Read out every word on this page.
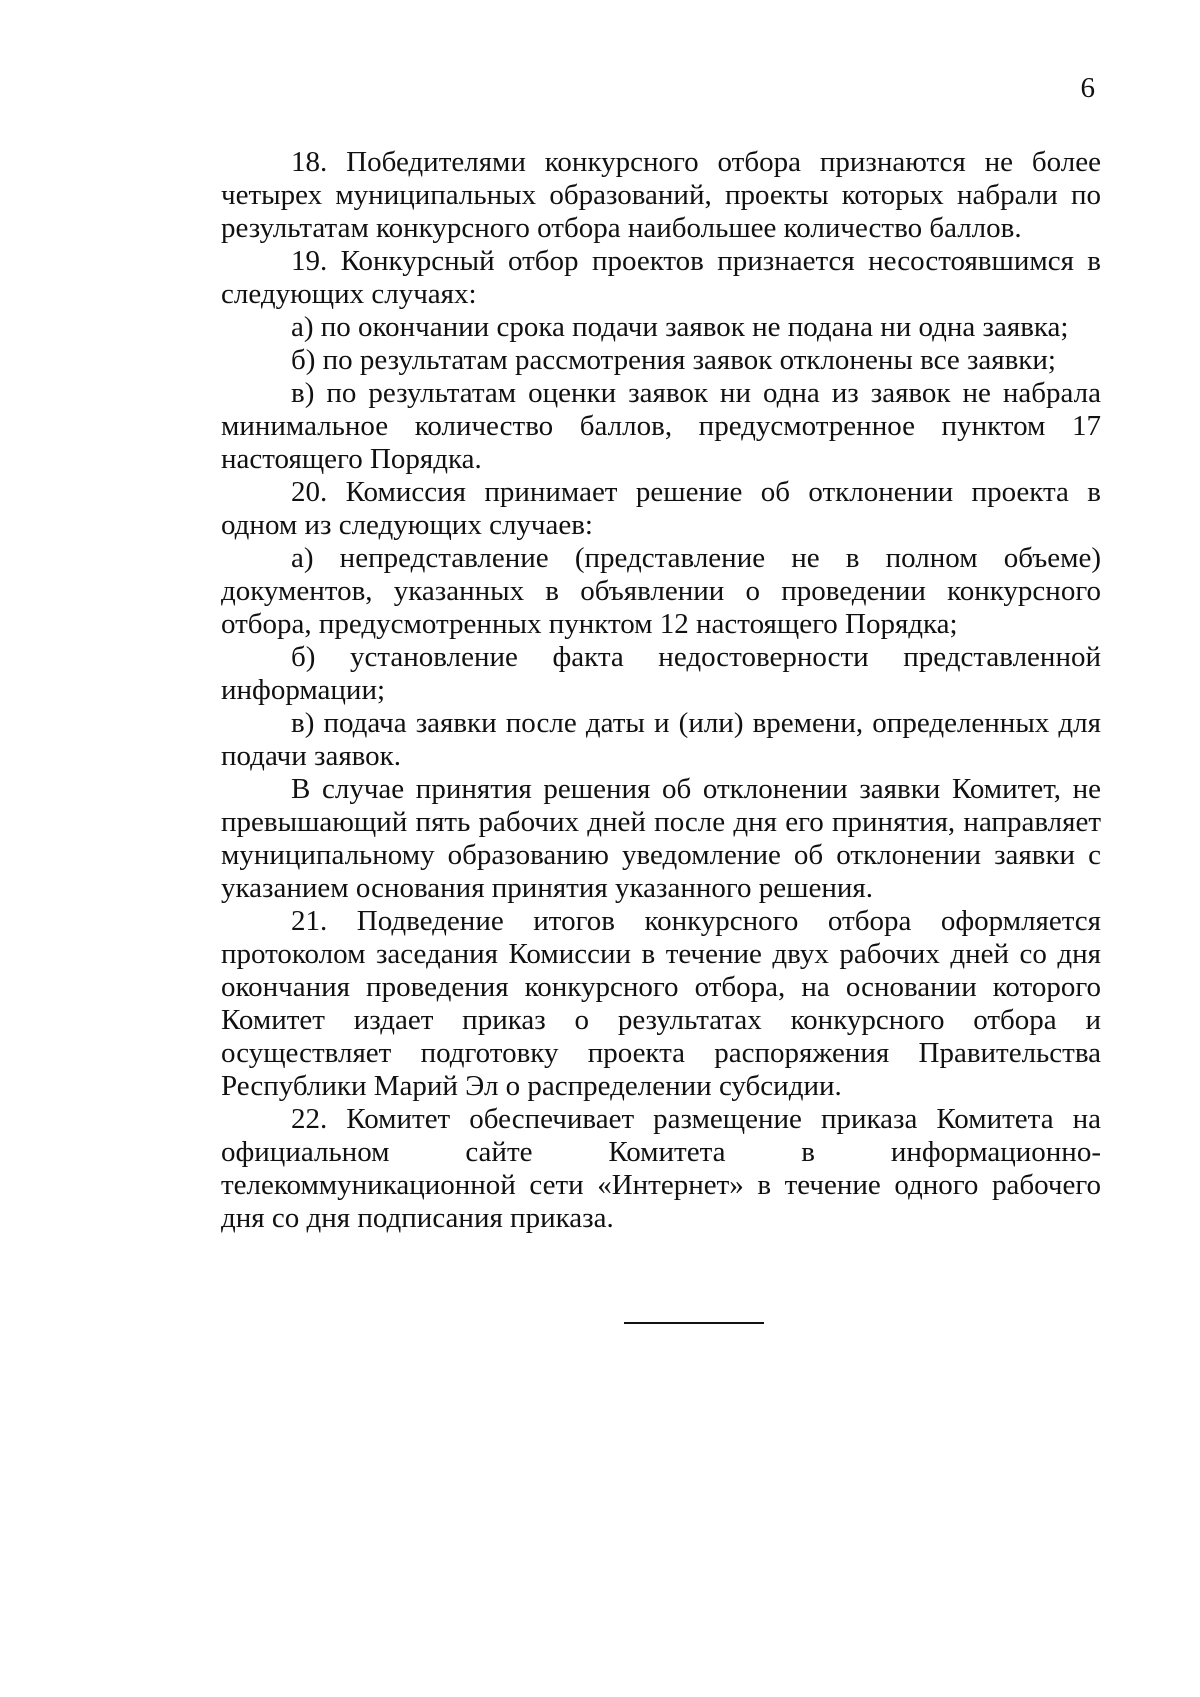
6

18. Победителями конкурсного отбора признаются не более четырех муниципальных образований, проекты которых набрали по результатам конкурсного отбора наибольшее количество баллов.

19. Конкурсный отбор проектов признается несостоявшимся в следующих случаях:

а) по окончании срока подачи заявок не подана ни одна заявка;

б) по результатам рассмотрения заявок отклонены все заявки;

в) по результатам оценки заявок ни одна из заявок не набрала минимальное количество баллов, предусмотренное пунктом 17 настоящего Порядка.

20. Комиссия принимает решение об отклонении проекта в одном из следующих случаев:

а) непредставление (представление не в полном объеме) документов, указанных в объявлении о проведении конкурсного отбора, предусмотренных пунктом 12 настоящего Порядка;

б) установление факта недостоверности представленной информации;

в) подача заявки после даты и (или) времени, определенных для подачи заявок.

В случае принятия решения об отклонении заявки Комитет, не превышающий пять рабочих дней после дня его принятия, направляет муниципальному образованию уведомление об отклонении заявки с указанием основания принятия указанного решения.

21. Подведение итогов конкурсного отбора оформляется протоколом заседания Комиссии в течение двух рабочих дней со дня окончания проведения конкурсного отбора, на основании которого Комитет издает приказ о результатах конкурсного отбора и осуществляет подготовку проекта распоряжения Правительства Республики Марий Эл о распределении субсидии.

22. Комитет обеспечивает размещение приказа Комитета на официальном сайте Комитета в информационно-телекоммуникационной сети «Интернет» в течение одного рабочего дня со дня подписания приказа.
